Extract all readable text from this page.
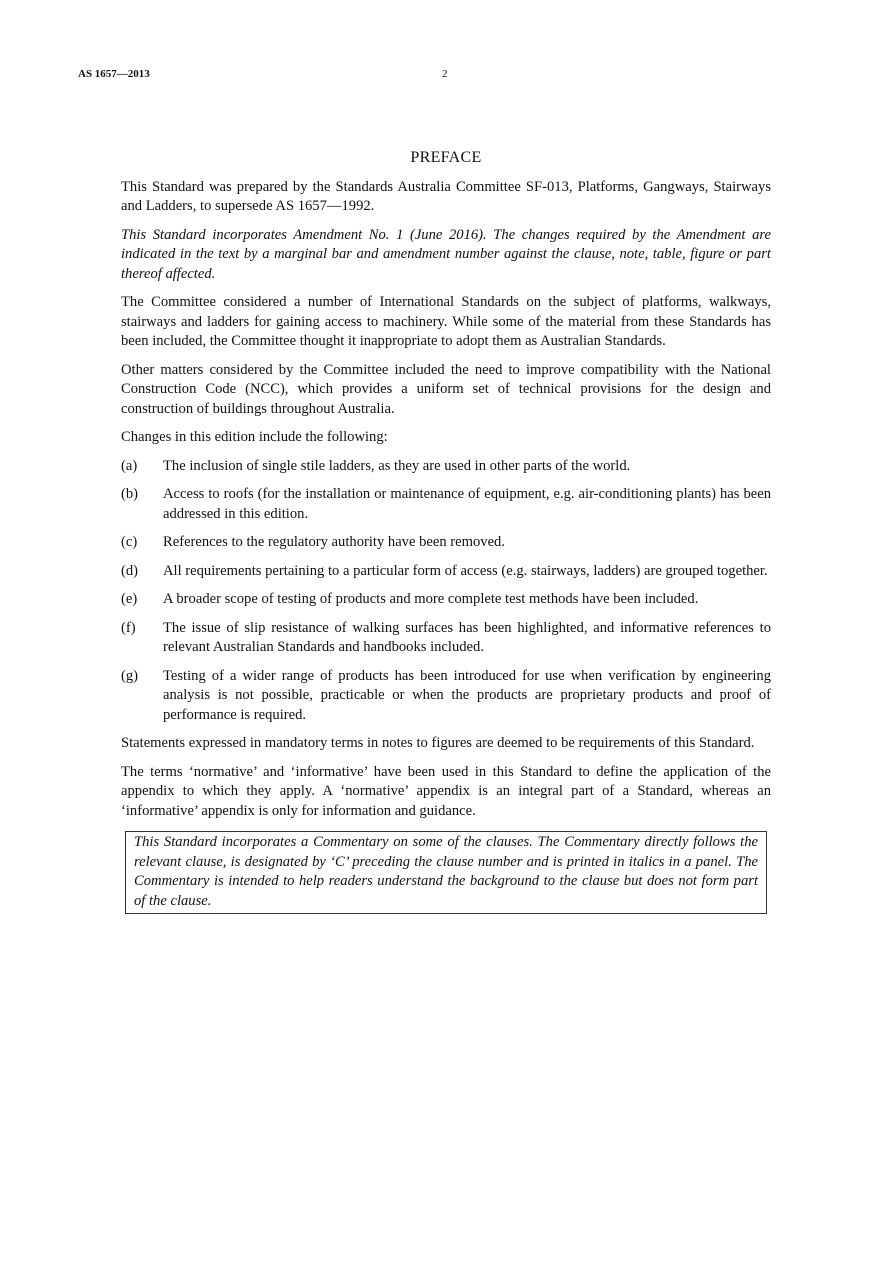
AS 1657—2013	2
PREFACE

This Standard was prepared by the Standards Australia Committee SF-013, Platforms, Gangways, Stairways and Ladders, to supersede AS 1657—1992.

This Standard incorporates Amendment No. 1 (June 2016). The changes required by the Amendment are indicated in the text by a marginal bar and amendment number against the clause, note, table, figure or part thereof affected.

The Committee considered a number of International Standards on the subject of platforms, walkways, stairways and ladders for gaining access to machinery. While some of the material from these Standards has been included, the Committee thought it inappropriate to adopt them as Australian Standards.

Other matters considered by the Committee included the need to improve compatibility with the National Construction Code (NCC), which provides a uniform set of technical provisions for the design and construction of buildings throughout Australia.

Changes in this edition include the following:

(a)	The inclusion of single stile ladders, as they are used in other parts of the world.
(b)	Access to roofs (for the installation or maintenance of equipment, e.g. air-conditioning plants) has been addressed in this edition.
(c)	References to the regulatory authority have been removed.
(d)	All requirements pertaining to a particular form of access (e.g. stairways, ladders) are grouped together.
(e)	A broader scope of testing of products and more complete test methods have been included.
(f)	The issue of slip resistance of walking surfaces has been highlighted, and informative references to relevant Australian Standards and handbooks included.
(g)	Testing of a wider range of products has been introduced for use when verification by engineering analysis is not possible, practicable or when the products are proprietary products and proof of performance is required.

Statements expressed in mandatory terms in notes to figures are deemed to be requirements of this Standard.

The terms ‘normative’ and ‘informative’ have been used in this Standard to define the application of the appendix to which they apply. A ‘normative’ appendix is an integral part of a Standard, whereas an ‘informative’ appendix is only for information and guidance.

This Standard incorporates a Commentary on some of the clauses. The Commentary directly follows the relevant clause, is designated by ‘C’ preceding the clause number and is printed in italics in a panel. The Commentary is intended to help readers understand the background to the clause but does not form part of the clause.
